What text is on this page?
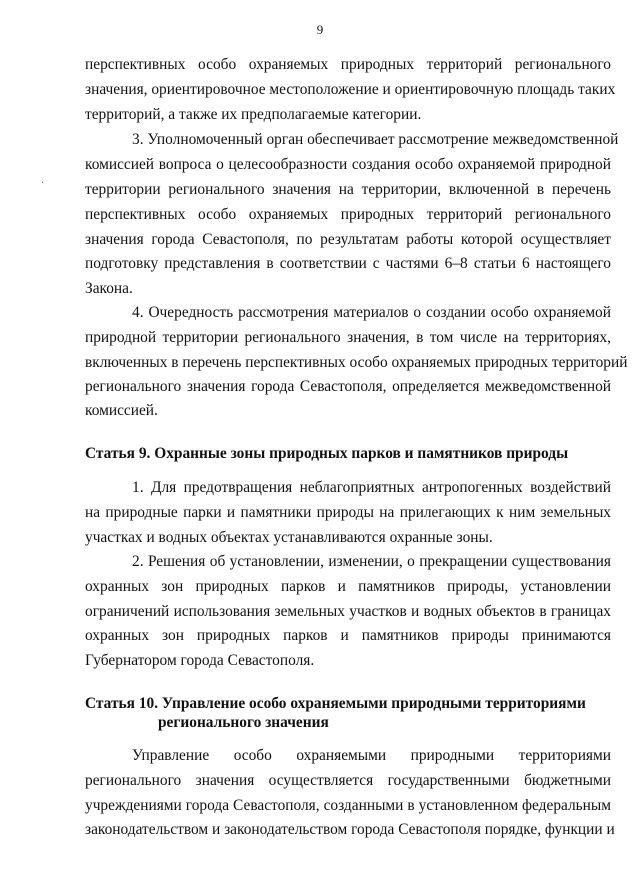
9
перспективных особо охраняемых природных территорий регионального
значения, ориентировочное местоположение и ориентировочную площадь таких
территорий, а также их предполагаемые категории.
3. Уполномоченный орган обеспечивает рассмотрение межведомственной
комиссией вопроса о целесообразности создания особо охраняемой природной
территории регионального значения на территории, включенной в перечень
перспективных особо охраняемых природных территорий регионального
значения города Севастополя, по результатам работы которой осуществляет
подготовку представления в соответствии с частями 6–8 статьи 6 настоящего
Закона.
4. Очередность рассмотрения материалов о создании особо охраняемой
природной территории регионального значения, в том числе на территориях,
включенных в перечень перспективных особо охраняемых природных территорий
регионального значения города Севастополя, определяется межведомственной
комиссией.
Статья 9. Охранные зоны природных парков и памятников природы
1. Для предотвращения неблагоприятных антропогенных воздействий
на природные парки и памятники природы на прилегающих к ним земельных
участках и водных объектах устанавливаются охранные зоны.
2. Решения об установлении, изменении, о прекращении существования
охранных зон природных парков и памятников природы, установлении
ограничений использования земельных участков и водных объектов в границах
охранных зон природных парков и памятников природы принимаются
Губернатором города Севастополя.
Статья 10. Управление особо охраняемыми природными территориями
регионального значения
Управление особо охраняемыми природными территориями
регионального значения осуществляется государственными бюджетными
учреждениями города Севастополя, созданными в установленном федеральным
законодательством и законодательством города Севастополя порядке, функции и
·
